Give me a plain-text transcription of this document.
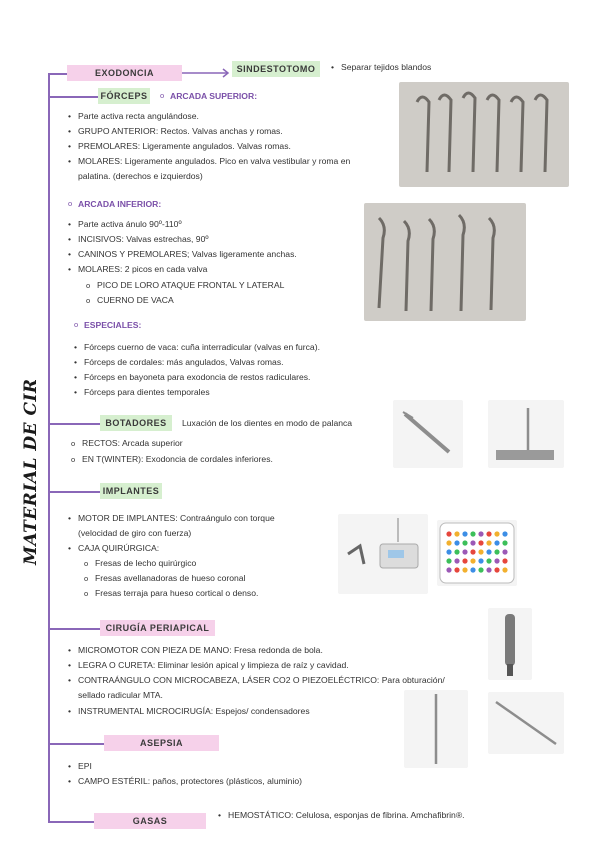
MATERIAL DE CIRUGÍA
EXODONCIA	SINDESTOTOMO	• Separar tejidos blandos
FÓRCEPS	o ARCADA SUPERIOR:
• Parte activa recta angulándose.
• GRUPO ANTERIOR: Rectos. Valvas anchas y romas.
• PREMOLARES: Ligeramente angulados. Valvas romas.
• MOLARES: Ligeramente angulados. Pico en valva vestibular y roma en
palatina. (derechos e izquierdos)
o ARCADA INFERIOR:
• Parte activa ánulo 90º-110º
• INCISIVOS: Valvas estrechas, 90º
• CANINOS Y PREMOLARES; Valvas ligeramente anchas.
• MOLARES: 2 picos en cada valva
o PICO DE LORO ATAQUE FRONTAL Y LATERAL
o CUERNO DE VACA
o ESPECIALES:
• Fórceps cuerno de vaca: cuña interradicular (valvas en furca).
• Fórceps de cordales: más angulados, Valvas romas.
• Fórceps en bayoneta para exodoncia de restos radiculares.
• Fórceps para dientes temporales
BOTADORES	Luxación de los dientes en modo de palanca
o RECTOS: Arcada superior
o EN T(WINTER): Exodoncia de cordales inferiores.
IMPLANTES
• MOTOR DE IMPLANTES: Contraángulo con torque
(velocidad de giro con fuerza)
• CAJA QUIRÚRGICA:
o Fresas de lecho quirúrgico
o Fresas avellanadoras de hueso coronal
o Fresas terraja para hueso cortical o denso.
CIRUGÍA PERIAPICAL
• MICROMOTOR CON PIEZA DE MANO: Fresa redonda de bola.
• LEGRA O CURETA: Eliminar lesión apical y limpieza de raíz y cavidad.
• CONTRAÁNGULO CON MICROCABEZA, LÁSER CO2 O PIEZOELÉCTRICO: Para obturación/
sellado radicular MTA.
• INSTRUMENTAL MICROCIRUGÍA: Espejos/ condensadores
ASEPSIA
• EPI
• CAMPO ESTÉRIL: paños, protectores (plásticos, aluminio)
GASAS
• HEMOSTÁTICO: Celulosa, esponjas de fibrina. Amchafibrin®.
